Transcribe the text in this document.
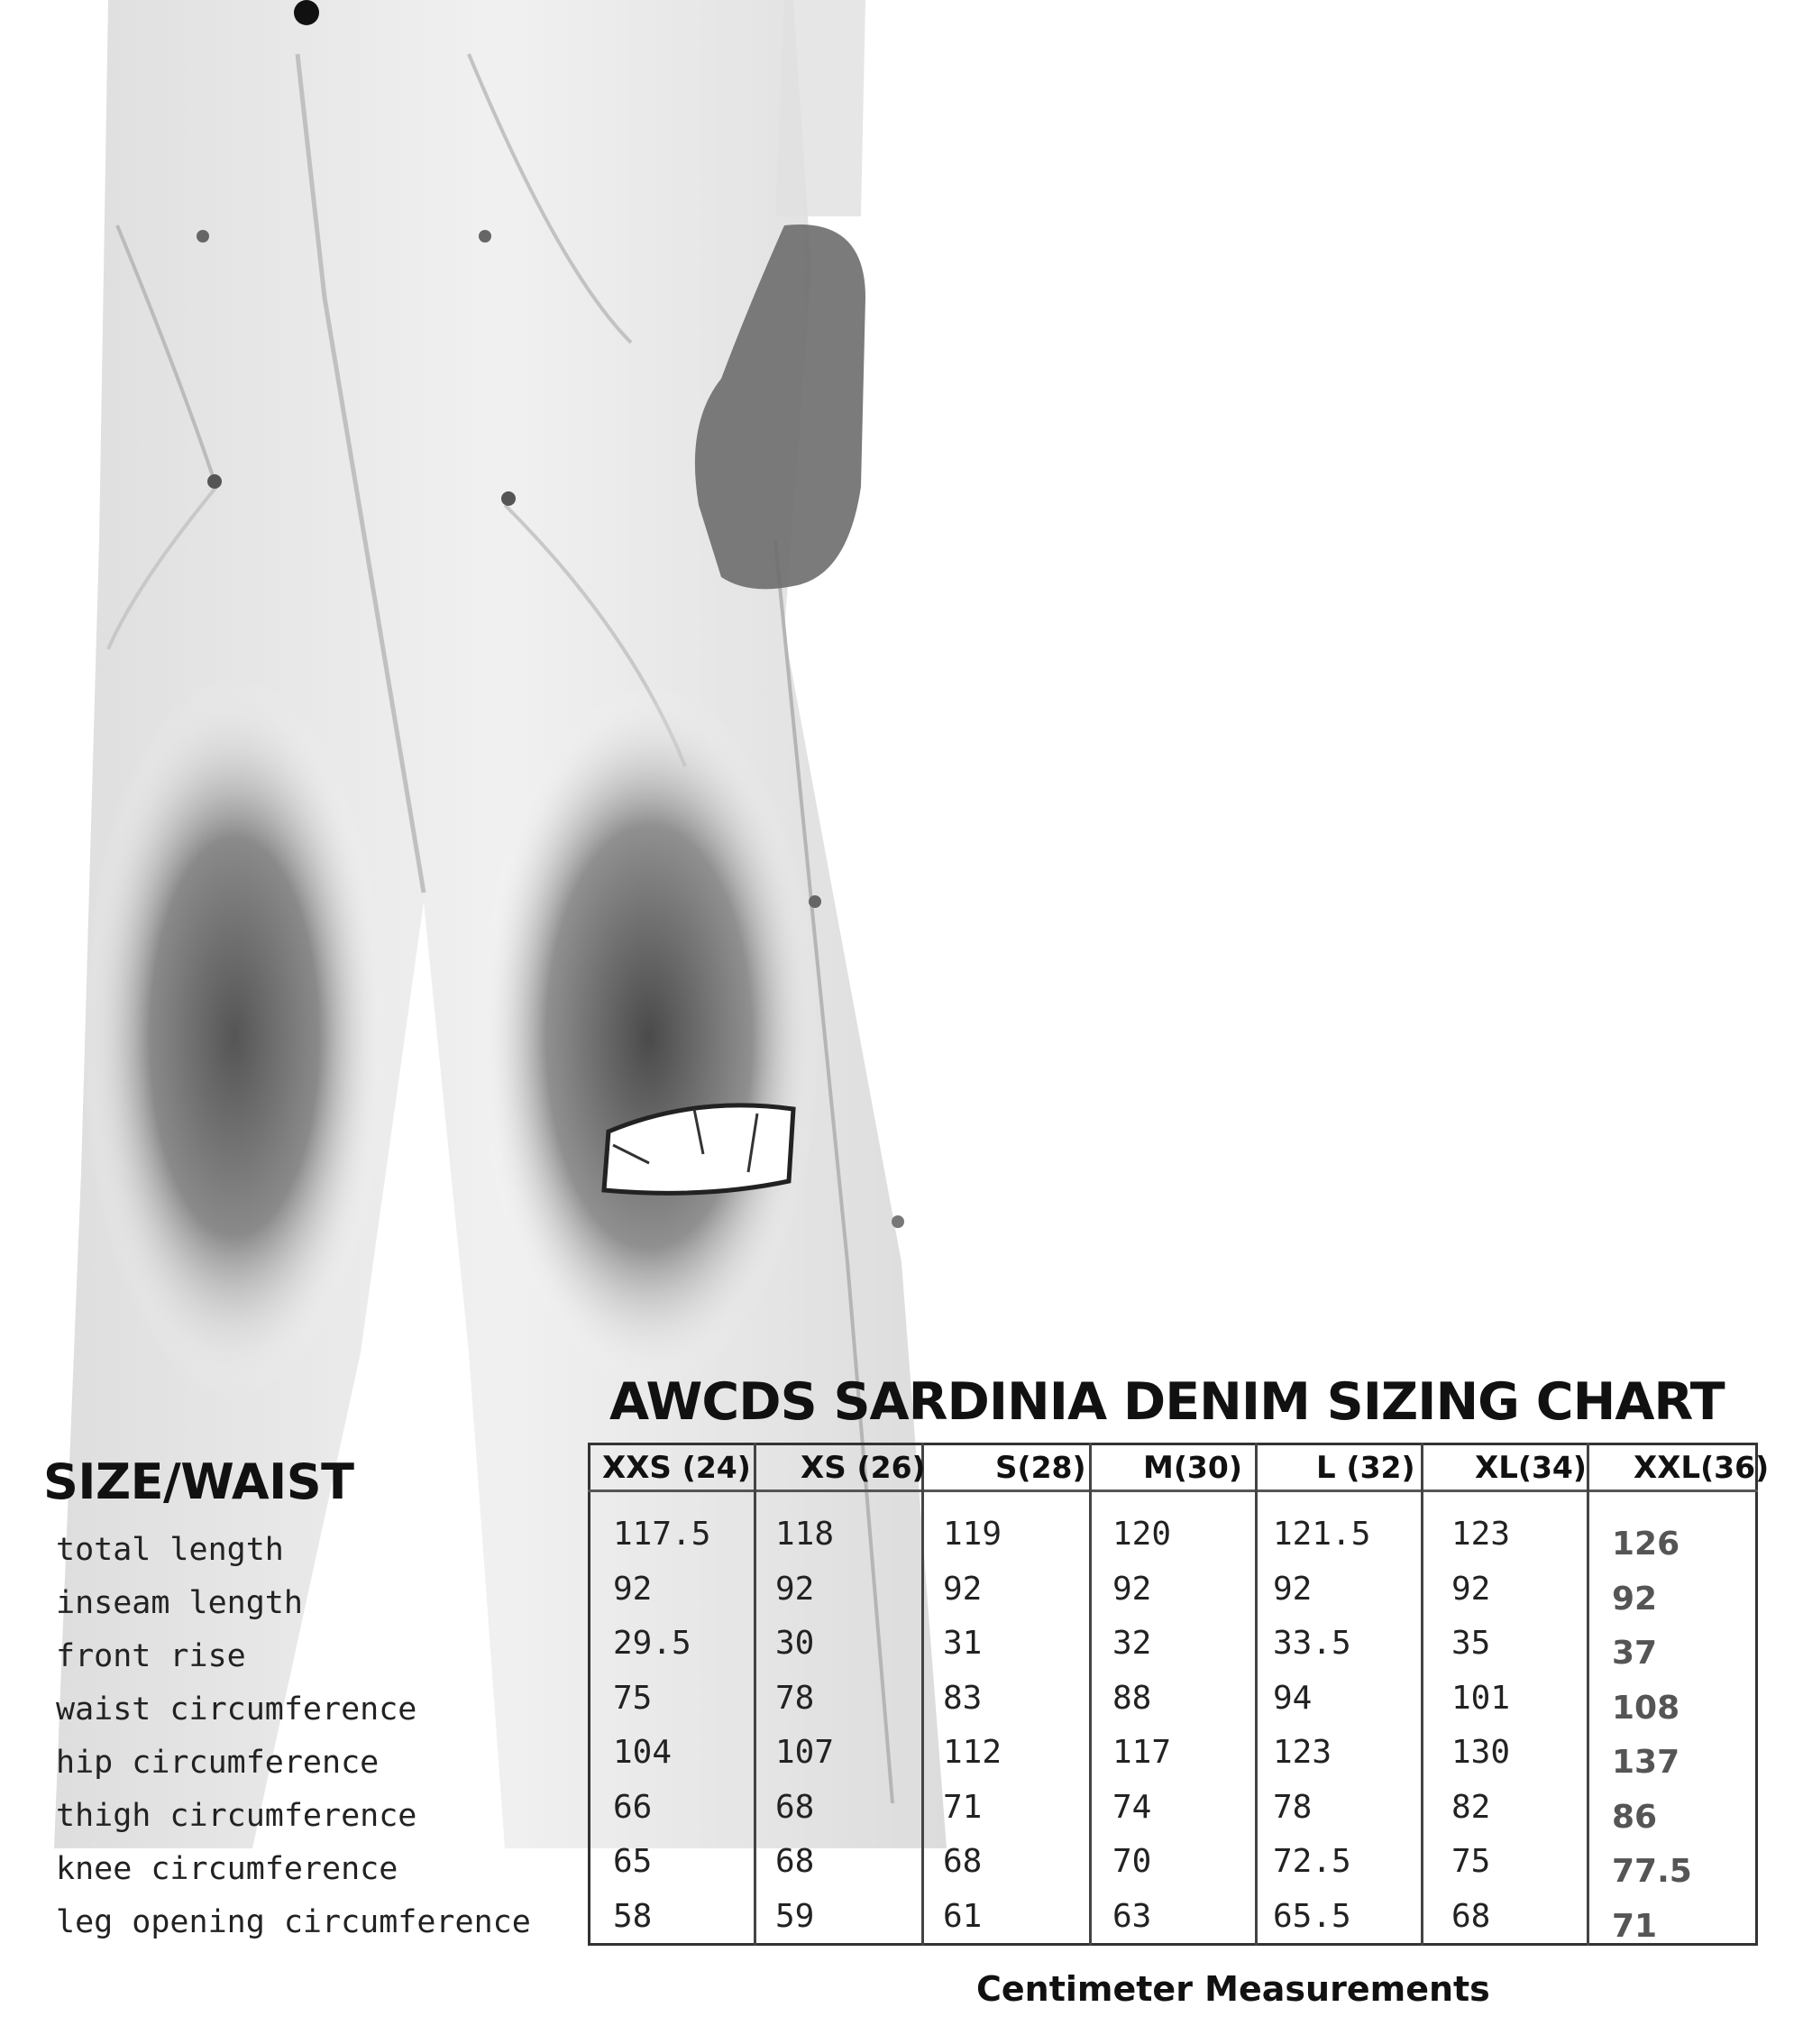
AWCDS SARDINIA DENIM SIZING CHART
SIZE/WAIST
total length
inseam length
front rise
waist circumference
hip circumference
thigh circumference
knee circumference
leg opening circumference
XXS (24) XS (26) S(28) M(30) L (32) XL(34) XXL(36)
117.5
92
29.5
75
104
66
65
58
118
92
30
78
107
68
68
59
119
92
31
83
112
71
68
61
120
92
32
88
117
74
70
63
121.5
92
33.5
94
123
78
72.5
65.5
123
92
35
101
130
82
75
68
126
92
37
108
137
86
77.5
71
Centimeter Measurements
